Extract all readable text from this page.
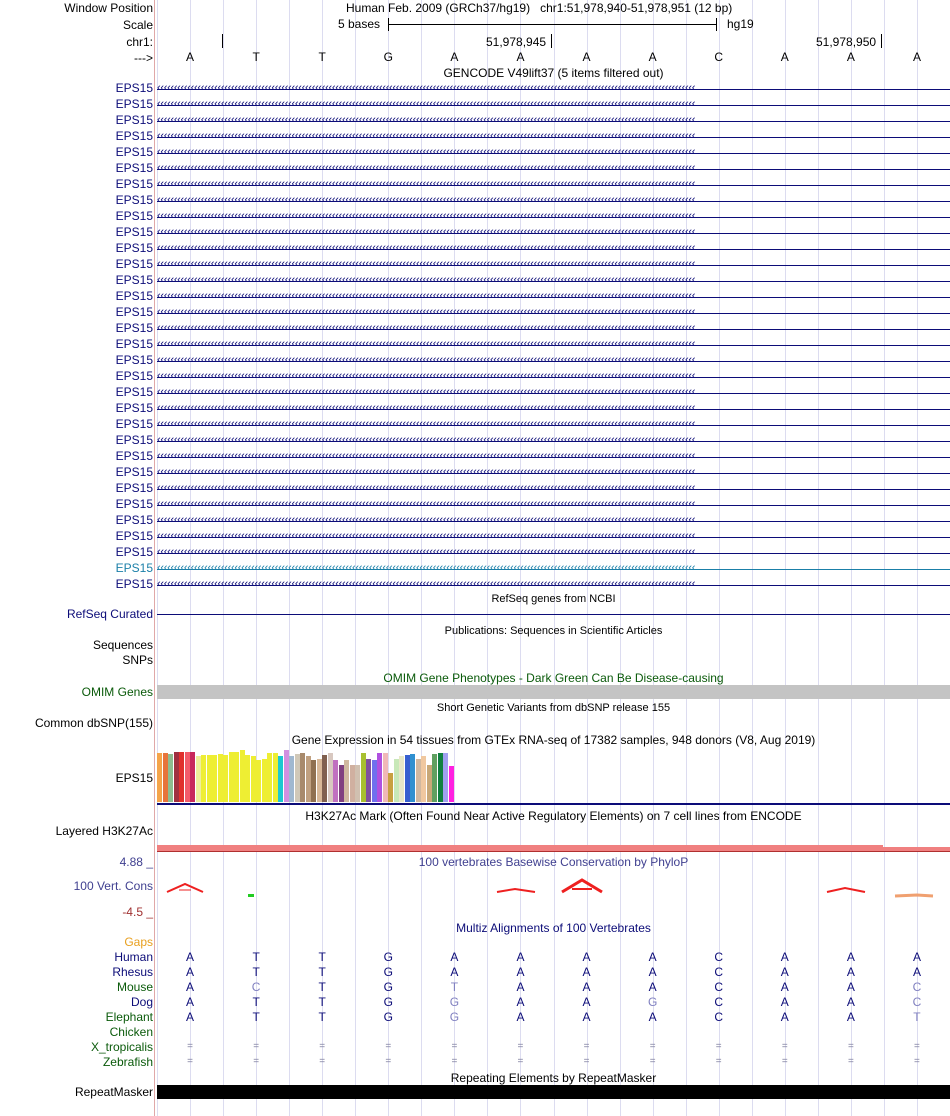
Window Position
Scale
chr1:
--->
Human Feb. 2009 (GRCh37/hg19) chr1:51,978,940-51,978,951 (12 bp)
5 bases	hg19
51,978,945	51,978,950
A	T	T	G	A	A	A	A	C	A	A	A
GENCODE V49lift37 (5 items filtered out)
EPS15 ‹‹‹‹‹‹‹‹‹‹‹‹‹‹‹‹‹‹‹‹‹‹‹‹‹‹‹‹‹‹‹‹‹‹‹‹‹‹‹‹‹‹‹‹‹‹‹‹‹‹‹‹‹‹‹‹‹‹‹‹‹‹‹‹‹‹‹‹‹‹‹‹‹‹‹‹‹‹‹‹‹‹‹‹‹‹‹‹‹‹‹‹‹‹‹‹‹‹‹‹‹‹‹‹‹‹‹‹‹‹‹‹‹‹‹‹‹‹‹‹‹‹‹‹‹‹‹‹‹‹‹‹‹‹‹‹‹‹‹‹‹‹‹‹‹‹‹‹‹‹‹‹‹‹‹‹‹‹‹‹
EPS15 ‹‹‹‹‹‹‹‹‹‹‹‹‹‹‹‹‹‹‹‹‹‹‹‹‹‹‹‹‹‹‹‹‹‹‹‹‹‹‹‹‹‹‹‹‹‹‹‹‹‹‹‹‹‹‹‹‹‹‹‹‹‹‹‹‹‹‹‹‹‹‹‹‹‹‹‹‹‹‹‹‹‹‹‹‹‹‹‹‹‹‹‹‹‹‹‹‹‹‹‹‹‹‹‹‹‹‹‹‹‹‹‹‹‹‹‹‹‹‹‹‹‹‹‹‹‹‹‹‹‹‹‹‹‹‹‹‹‹‹‹‹‹‹‹‹‹‹‹‹‹‹‹‹‹‹‹‹‹‹‹
EPS15 ‹‹‹‹‹‹‹‹‹‹‹‹‹‹‹‹‹‹‹‹‹‹‹‹‹‹‹‹‹‹‹‹‹‹‹‹‹‹‹‹‹‹‹‹‹‹‹‹‹‹‹‹‹‹‹‹‹‹‹‹‹‹‹‹‹‹‹‹‹‹‹‹‹‹‹‹‹‹‹‹‹‹‹‹‹‹‹‹‹‹‹‹‹‹‹‹‹‹‹‹‹‹‹‹‹‹‹‹‹‹‹‹‹‹‹‹‹‹‹‹‹‹‹‹‹‹‹‹‹‹‹‹‹‹‹‹‹‹‹‹‹‹‹‹‹‹‹‹‹‹‹‹‹‹‹‹‹‹‹‹
EPS15 ‹‹‹‹‹‹‹‹‹‹‹‹‹‹‹‹‹‹‹‹‹‹‹‹‹‹‹‹‹‹‹‹‹‹‹‹‹‹‹‹‹‹‹‹‹‹‹‹‹‹‹‹‹‹‹‹‹‹‹‹‹‹‹‹‹‹‹‹‹‹‹‹‹‹‹‹‹‹‹‹‹‹‹‹‹‹‹‹‹‹‹‹‹‹‹‹‹‹‹‹‹‹‹‹‹‹‹‹‹‹‹‹‹‹‹‹‹‹‹‹‹‹‹‹‹‹‹‹‹‹‹‹‹‹‹‹‹‹‹‹‹‹‹‹‹‹‹‹‹‹‹‹‹‹‹‹‹‹‹‹
EPS15 ‹‹‹‹‹‹‹‹‹‹‹‹‹‹‹‹‹‹‹‹‹‹‹‹‹‹‹‹‹‹‹‹‹‹‹‹‹‹‹‹‹‹‹‹‹‹‹‹‹‹‹‹‹‹‹‹‹‹‹‹‹‹‹‹‹‹‹‹‹‹‹‹‹‹‹‹‹‹‹‹‹‹‹‹‹‹‹‹‹‹‹‹‹‹‹‹‹‹‹‹‹‹‹‹‹‹‹‹‹‹‹‹‹‹‹‹‹‹‹‹‹‹‹‹‹‹‹‹‹‹‹‹‹‹‹‹‹‹‹‹‹‹‹‹‹‹‹‹‹‹‹‹‹‹‹‹‹‹‹‹
EPS15 ‹‹‹‹‹‹‹‹‹‹‹‹‹‹‹‹‹‹‹‹‹‹‹‹‹‹‹‹‹‹‹‹‹‹‹‹‹‹‹‹‹‹‹‹‹‹‹‹‹‹‹‹‹‹‹‹‹‹‹‹‹‹‹‹‹‹‹‹‹‹‹‹‹‹‹‹‹‹‹‹‹‹‹‹‹‹‹‹‹‹‹‹‹‹‹‹‹‹‹‹‹‹‹‹‹‹‹‹‹‹‹‹‹‹‹‹‹‹‹‹‹‹‹‹‹‹‹‹‹‹‹‹‹‹‹‹‹‹‹‹‹‹‹‹‹‹‹‹‹‹‹‹‹‹‹‹‹‹‹‹
EPS15 ‹‹‹‹‹‹‹‹‹‹‹‹‹‹‹‹‹‹‹‹‹‹‹‹‹‹‹‹‹‹‹‹‹‹‹‹‹‹‹‹‹‹‹‹‹‹‹‹‹‹‹‹‹‹‹‹‹‹‹‹‹‹‹‹‹‹‹‹‹‹‹‹‹‹‹‹‹‹‹‹‹‹‹‹‹‹‹‹‹‹‹‹‹‹‹‹‹‹‹‹‹‹‹‹‹‹‹‹‹‹‹‹‹‹‹‹‹‹‹‹‹‹‹‹‹‹‹‹‹‹‹‹‹‹‹‹‹‹‹‹‹‹‹‹‹‹‹‹‹‹‹‹‹‹‹‹‹‹‹‹
EPS15 ‹‹‹‹‹‹‹‹‹‹‹‹‹‹‹‹‹‹‹‹‹‹‹‹‹‹‹‹‹‹‹‹‹‹‹‹‹‹‹‹‹‹‹‹‹‹‹‹‹‹‹‹‹‹‹‹‹‹‹‹‹‹‹‹‹‹‹‹‹‹‹‹‹‹‹‹‹‹‹‹‹‹‹‹‹‹‹‹‹‹‹‹‹‹‹‹‹‹‹‹‹‹‹‹‹‹‹‹‹‹‹‹‹‹‹‹‹‹‹‹‹‹‹‹‹‹‹‹‹‹‹‹‹‹‹‹‹‹‹‹‹‹‹‹‹‹‹‹‹‹‹‹‹‹‹‹‹‹‹‹
EPS15 ‹‹‹‹‹‹‹‹‹‹‹‹‹‹‹‹‹‹‹‹‹‹‹‹‹‹‹‹‹‹‹‹‹‹‹‹‹‹‹‹‹‹‹‹‹‹‹‹‹‹‹‹‹‹‹‹‹‹‹‹‹‹‹‹‹‹‹‹‹‹‹‹‹‹‹‹‹‹‹‹‹‹‹‹‹‹‹‹‹‹‹‹‹‹‹‹‹‹‹‹‹‹‹‹‹‹‹‹‹‹‹‹‹‹‹‹‹‹‹‹‹‹‹‹‹‹‹‹‹‹‹‹‹‹‹‹‹‹‹‹‹‹‹‹‹‹‹‹‹‹‹‹‹‹‹‹‹‹‹‹
EPS15 ‹‹‹‹‹‹‹‹‹‹‹‹‹‹‹‹‹‹‹‹‹‹‹‹‹‹‹‹‹‹‹‹‹‹‹‹‹‹‹‹‹‹‹‹‹‹‹‹‹‹‹‹‹‹‹‹‹‹‹‹‹‹‹‹‹‹‹‹‹‹‹‹‹‹‹‹‹‹‹‹‹‹‹‹‹‹‹‹‹‹‹‹‹‹‹‹‹‹‹‹‹‹‹‹‹‹‹‹‹‹‹‹‹‹‹‹‹‹‹‹‹‹‹‹‹‹‹‹‹‹‹‹‹‹‹‹‹‹‹‹‹‹‹‹‹‹‹‹‹‹‹‹‹‹‹‹‹‹‹‹
EPS15 ‹‹‹‹‹‹‹‹‹‹‹‹‹‹‹‹‹‹‹‹‹‹‹‹‹‹‹‹‹‹‹‹‹‹‹‹‹‹‹‹‹‹‹‹‹‹‹‹‹‹‹‹‹‹‹‹‹‹‹‹‹‹‹‹‹‹‹‹‹‹‹‹‹‹‹‹‹‹‹‹‹‹‹‹‹‹‹‹‹‹‹‹‹‹‹‹‹‹‹‹‹‹‹‹‹‹‹‹‹‹‹‹‹‹‹‹‹‹‹‹‹‹‹‹‹‹‹‹‹‹‹‹‹‹‹‹‹‹‹‹‹‹‹‹‹‹‹‹‹‹‹‹‹‹‹‹‹‹‹‹
EPS15 ‹‹‹‹‹‹‹‹‹‹‹‹‹‹‹‹‹‹‹‹‹‹‹‹‹‹‹‹‹‹‹‹‹‹‹‹‹‹‹‹‹‹‹‹‹‹‹‹‹‹‹‹‹‹‹‹‹‹‹‹‹‹‹‹‹‹‹‹‹‹‹‹‹‹‹‹‹‹‹‹‹‹‹‹‹‹‹‹‹‹‹‹‹‹‹‹‹‹‹‹‹‹‹‹‹‹‹‹‹‹‹‹‹‹‹‹‹‹‹‹‹‹‹‹‹‹‹‹‹‹‹‹‹‹‹‹‹‹‹‹‹‹‹‹‹‹‹‹‹‹‹‹‹‹‹‹‹‹‹‹
EPS15 ‹‹‹‹‹‹‹‹‹‹‹‹‹‹‹‹‹‹‹‹‹‹‹‹‹‹‹‹‹‹‹‹‹‹‹‹‹‹‹‹‹‹‹‹‹‹‹‹‹‹‹‹‹‹‹‹‹‹‹‹‹‹‹‹‹‹‹‹‹‹‹‹‹‹‹‹‹‹‹‹‹‹‹‹‹‹‹‹‹‹‹‹‹‹‹‹‹‹‹‹‹‹‹‹‹‹‹‹‹‹‹‹‹‹‹‹‹‹‹‹‹‹‹‹‹‹‹‹‹‹‹‹‹‹‹‹‹‹‹‹‹‹‹‹‹‹‹‹‹‹‹‹‹‹‹‹‹‹‹‹
EPS15 ‹‹‹‹‹‹‹‹‹‹‹‹‹‹‹‹‹‹‹‹‹‹‹‹‹‹‹‹‹‹‹‹‹‹‹‹‹‹‹‹‹‹‹‹‹‹‹‹‹‹‹‹‹‹‹‹‹‹‹‹‹‹‹‹‹‹‹‹‹‹‹‹‹‹‹‹‹‹‹‹‹‹‹‹‹‹‹‹‹‹‹‹‹‹‹‹‹‹‹‹‹‹‹‹‹‹‹‹‹‹‹‹‹‹‹‹‹‹‹‹‹‹‹‹‹‹‹‹‹‹‹‹‹‹‹‹‹‹‹‹‹‹‹‹‹‹‹‹‹‹‹‹‹‹‹‹‹‹‹‹
EPS15 ‹‹‹‹‹‹‹‹‹‹‹‹‹‹‹‹‹‹‹‹‹‹‹‹‹‹‹‹‹‹‹‹‹‹‹‹‹‹‹‹‹‹‹‹‹‹‹‹‹‹‹‹‹‹‹‹‹‹‹‹‹‹‹‹‹‹‹‹‹‹‹‹‹‹‹‹‹‹‹‹‹‹‹‹‹‹‹‹‹‹‹‹‹‹‹‹‹‹‹‹‹‹‹‹‹‹‹‹‹‹‹‹‹‹‹‹‹‹‹‹‹‹‹‹‹‹‹‹‹‹‹‹‹‹‹‹‹‹‹‹‹‹‹‹‹‹‹‹‹‹‹‹‹‹‹‹‹‹‹‹
EPS15 ‹‹‹‹‹‹‹‹‹‹‹‹‹‹‹‹‹‹‹‹‹‹‹‹‹‹‹‹‹‹‹‹‹‹‹‹‹‹‹‹‹‹‹‹‹‹‹‹‹‹‹‹‹‹‹‹‹‹‹‹‹‹‹‹‹‹‹‹‹‹‹‹‹‹‹‹‹‹‹‹‹‹‹‹‹‹‹‹‹‹‹‹‹‹‹‹‹‹‹‹‹‹‹‹‹‹‹‹‹‹‹‹‹‹‹‹‹‹‹‹‹‹‹‹‹‹‹‹‹‹‹‹‹‹‹‹‹‹‹‹‹‹‹‹‹‹‹‹‹‹‹‹‹‹‹‹‹‹‹‹
EPS15 ‹‹‹‹‹‹‹‹‹‹‹‹‹‹‹‹‹‹‹‹‹‹‹‹‹‹‹‹‹‹‹‹‹‹‹‹‹‹‹‹‹‹‹‹‹‹‹‹‹‹‹‹‹‹‹‹‹‹‹‹‹‹‹‹‹‹‹‹‹‹‹‹‹‹‹‹‹‹‹‹‹‹‹‹‹‹‹‹‹‹‹‹‹‹‹‹‹‹‹‹‹‹‹‹‹‹‹‹‹‹‹‹‹‹‹‹‹‹‹‹‹‹‹‹‹‹‹‹‹‹‹‹‹‹‹‹‹‹‹‹‹‹‹‹‹‹‹‹‹‹‹‹‹‹‹‹‹‹‹‹
EPS15 ‹‹‹‹‹‹‹‹‹‹‹‹‹‹‹‹‹‹‹‹‹‹‹‹‹‹‹‹‹‹‹‹‹‹‹‹‹‹‹‹‹‹‹‹‹‹‹‹‹‹‹‹‹‹‹‹‹‹‹‹‹‹‹‹‹‹‹‹‹‹‹‹‹‹‹‹‹‹‹‹‹‹‹‹‹‹‹‹‹‹‹‹‹‹‹‹‹‹‹‹‹‹‹‹‹‹‹‹‹‹‹‹‹‹‹‹‹‹‹‹‹‹‹‹‹‹‹‹‹‹‹‹‹‹‹‹‹‹‹‹‹‹‹‹‹‹‹‹‹‹‹‹‹‹‹‹‹‹‹‹
EPS15 ‹‹‹‹‹‹‹‹‹‹‹‹‹‹‹‹‹‹‹‹‹‹‹‹‹‹‹‹‹‹‹‹‹‹‹‹‹‹‹‹‹‹‹‹‹‹‹‹‹‹‹‹‹‹‹‹‹‹‹‹‹‹‹‹‹‹‹‹‹‹‹‹‹‹‹‹‹‹‹‹‹‹‹‹‹‹‹‹‹‹‹‹‹‹‹‹‹‹‹‹‹‹‹‹‹‹‹‹‹‹‹‹‹‹‹‹‹‹‹‹‹‹‹‹‹‹‹‹‹‹‹‹‹‹‹‹‹‹‹‹‹‹‹‹‹‹‹‹‹‹‹‹‹‹‹‹‹‹‹‹
EPS15 ‹‹‹‹‹‹‹‹‹‹‹‹‹‹‹‹‹‹‹‹‹‹‹‹‹‹‹‹‹‹‹‹‹‹‹‹‹‹‹‹‹‹‹‹‹‹‹‹‹‹‹‹‹‹‹‹‹‹‹‹‹‹‹‹‹‹‹‹‹‹‹‹‹‹‹‹‹‹‹‹‹‹‹‹‹‹‹‹‹‹‹‹‹‹‹‹‹‹‹‹‹‹‹‹‹‹‹‹‹‹‹‹‹‹‹‹‹‹‹‹‹‹‹‹‹‹‹‹‹‹‹‹‹‹‹‹‹‹‹‹‹‹‹‹‹‹‹‹‹‹‹‹‹‹‹‹‹‹‹‹
EPS15 ‹‹‹‹‹‹‹‹‹‹‹‹‹‹‹‹‹‹‹‹‹‹‹‹‹‹‹‹‹‹‹‹‹‹‹‹‹‹‹‹‹‹‹‹‹‹‹‹‹‹‹‹‹‹‹‹‹‹‹‹‹‹‹‹‹‹‹‹‹‹‹‹‹‹‹‹‹‹‹‹‹‹‹‹‹‹‹‹‹‹‹‹‹‹‹‹‹‹‹‹‹‹‹‹‹‹‹‹‹‹‹‹‹‹‹‹‹‹‹‹‹‹‹‹‹‹‹‹‹‹‹‹‹‹‹‹‹‹‹‹‹‹‹‹‹‹‹‹‹‹‹‹‹‹‹‹‹‹‹‹
EPS15 ‹‹‹‹‹‹‹‹‹‹‹‹‹‹‹‹‹‹‹‹‹‹‹‹‹‹‹‹‹‹‹‹‹‹‹‹‹‹‹‹‹‹‹‹‹‹‹‹‹‹‹‹‹‹‹‹‹‹‹‹‹‹‹‹‹‹‹‹‹‹‹‹‹‹‹‹‹‹‹‹‹‹‹‹‹‹‹‹‹‹‹‹‹‹‹‹‹‹‹‹‹‹‹‹‹‹‹‹‹‹‹‹‹‹‹‹‹‹‹‹‹‹‹‹‹‹‹‹‹‹‹‹‹‹‹‹‹‹‹‹‹‹‹‹‹‹‹‹‹‹‹‹‹‹‹‹‹‹‹‹
EPS15 ‹‹‹‹‹‹‹‹‹‹‹‹‹‹‹‹‹‹‹‹‹‹‹‹‹‹‹‹‹‹‹‹‹‹‹‹‹‹‹‹‹‹‹‹‹‹‹‹‹‹‹‹‹‹‹‹‹‹‹‹‹‹‹‹‹‹‹‹‹‹‹‹‹‹‹‹‹‹‹‹‹‹‹‹‹‹‹‹‹‹‹‹‹‹‹‹‹‹‹‹‹‹‹‹‹‹‹‹‹‹‹‹‹‹‹‹‹‹‹‹‹‹‹‹‹‹‹‹‹‹‹‹‹‹‹‹‹‹‹‹‹‹‹‹‹‹‹‹‹‹‹‹‹‹‹‹‹‹‹‹
EPS15 ‹‹‹‹‹‹‹‹‹‹‹‹‹‹‹‹‹‹‹‹‹‹‹‹‹‹‹‹‹‹‹‹‹‹‹‹‹‹‹‹‹‹‹‹‹‹‹‹‹‹‹‹‹‹‹‹‹‹‹‹‹‹‹‹‹‹‹‹‹‹‹‹‹‹‹‹‹‹‹‹‹‹‹‹‹‹‹‹‹‹‹‹‹‹‹‹‹‹‹‹‹‹‹‹‹‹‹‹‹‹‹‹‹‹‹‹‹‹‹‹‹‹‹‹‹‹‹‹‹‹‹‹‹‹‹‹‹‹‹‹‹‹‹‹‹‹‹‹‹‹‹‹‹‹‹‹‹‹‹‹
EPS15 ‹‹‹‹‹‹‹‹‹‹‹‹‹‹‹‹‹‹‹‹‹‹‹‹‹‹‹‹‹‹‹‹‹‹‹‹‹‹‹‹‹‹‹‹‹‹‹‹‹‹‹‹‹‹‹‹‹‹‹‹‹‹‹‹‹‹‹‹‹‹‹‹‹‹‹‹‹‹‹‹‹‹‹‹‹‹‹‹‹‹‹‹‹‹‹‹‹‹‹‹‹‹‹‹‹‹‹‹‹‹‹‹‹‹‹‹‹‹‹‹‹‹‹‹‹‹‹‹‹‹‹‹‹‹‹‹‹‹‹‹‹‹‹‹‹‹‹‹‹‹‹‹‹‹‹‹‹‹‹‹
EPS15 ‹‹‹‹‹‹‹‹‹‹‹‹‹‹‹‹‹‹‹‹‹‹‹‹‹‹‹‹‹‹‹‹‹‹‹‹‹‹‹‹‹‹‹‹‹‹‹‹‹‹‹‹‹‹‹‹‹‹‹‹‹‹‹‹‹‹‹‹‹‹‹‹‹‹‹‹‹‹‹‹‹‹‹‹‹‹‹‹‹‹‹‹‹‹‹‹‹‹‹‹‹‹‹‹‹‹‹‹‹‹‹‹‹‹‹‹‹‹‹‹‹‹‹‹‹‹‹‹‹‹‹‹‹‹‹‹‹‹‹‹‹‹‹‹‹‹‹‹‹‹‹‹‹‹‹‹‹‹‹‹
EPS15 ‹‹‹‹‹‹‹‹‹‹‹‹‹‹‹‹‹‹‹‹‹‹‹‹‹‹‹‹‹‹‹‹‹‹‹‹‹‹‹‹‹‹‹‹‹‹‹‹‹‹‹‹‹‹‹‹‹‹‹‹‹‹‹‹‹‹‹‹‹‹‹‹‹‹‹‹‹‹‹‹‹‹‹‹‹‹‹‹‹‹‹‹‹‹‹‹‹‹‹‹‹‹‹‹‹‹‹‹‹‹‹‹‹‹‹‹‹‹‹‹‹‹‹‹‹‹‹‹‹‹‹‹‹‹‹‹‹‹‹‹‹‹‹‹‹‹‹‹‹‹‹‹‹‹‹‹‹‹‹‹
EPS15 ‹‹‹‹‹‹‹‹‹‹‹‹‹‹‹‹‹‹‹‹‹‹‹‹‹‹‹‹‹‹‹‹‹‹‹‹‹‹‹‹‹‹‹‹‹‹‹‹‹‹‹‹‹‹‹‹‹‹‹‹‹‹‹‹‹‹‹‹‹‹‹‹‹‹‹‹‹‹‹‹‹‹‹‹‹‹‹‹‹‹‹‹‹‹‹‹‹‹‹‹‹‹‹‹‹‹‹‹‹‹‹‹‹‹‹‹‹‹‹‹‹‹‹‹‹‹‹‹‹‹‹‹‹‹‹‹‹‹‹‹‹‹‹‹‹‹‹‹‹‹‹‹‹‹‹‹‹‹‹‹
EPS15 ‹‹‹‹‹‹‹‹‹‹‹‹‹‹‹‹‹‹‹‹‹‹‹‹‹‹‹‹‹‹‹‹‹‹‹‹‹‹‹‹‹‹‹‹‹‹‹‹‹‹‹‹‹‹‹‹‹‹‹‹‹‹‹‹‹‹‹‹‹‹‹‹‹‹‹‹‹‹‹‹‹‹‹‹‹‹‹‹‹‹‹‹‹‹‹‹‹‹‹‹‹‹‹‹‹‹‹‹‹‹‹‹‹‹‹‹‹‹‹‹‹‹‹‹‹‹‹‹‹‹‹‹‹‹‹‹‹‹‹‹‹‹‹‹‹‹‹‹‹‹‹‹‹‹‹‹‹‹‹‹
EPS15 ‹‹‹‹‹‹‹‹‹‹‹‹‹‹‹‹‹‹‹‹‹‹‹‹‹‹‹‹‹‹‹‹‹‹‹‹‹‹‹‹‹‹‹‹‹‹‹‹‹‹‹‹‹‹‹‹‹‹‹‹‹‹‹‹‹‹‹‹‹‹‹‹‹‹‹‹‹‹‹‹‹‹‹‹‹‹‹‹‹‹‹‹‹‹‹‹‹‹‹‹‹‹‹‹‹‹‹‹‹‹‹‹‹‹‹‹‹‹‹‹‹‹‹‹‹‹‹‹‹‹‹‹‹‹‹‹‹‹‹‹‹‹‹‹‹‹‹‹‹‹‹‹‹‹‹‹‹‹‹‹
EPS15 ‹‹‹‹‹‹‹‹‹‹‹‹‹‹‹‹‹‹‹‹‹‹‹‹‹‹‹‹‹‹‹‹‹‹‹‹‹‹‹‹‹‹‹‹‹‹‹‹‹‹‹‹‹‹‹‹‹‹‹‹‹‹‹‹‹‹‹‹‹‹‹‹‹‹‹‹‹‹‹‹‹‹‹‹‹‹‹‹‹‹‹‹‹‹‹‹‹‹‹‹‹‹‹‹‹‹‹‹‹‹‹‹‹‹‹‹‹‹‹‹‹‹‹‹‹‹‹‹‹‹‹‹‹‹‹‹‹‹‹‹‹‹‹‹‹‹‹‹‹‹‹‹‹‹‹‹‹‹‹‹
EPS15 ‹‹‹‹‹‹‹‹‹‹‹‹‹‹‹‹‹‹‹‹‹‹‹‹‹‹‹‹‹‹‹‹‹‹‹‹‹‹‹‹‹‹‹‹‹‹‹‹‹‹‹‹‹‹‹‹‹‹‹‹‹‹‹‹‹‹‹‹‹‹‹‹‹‹‹‹‹‹‹‹‹‹‹‹‹‹‹‹‹‹‹‹‹‹‹‹‹‹‹‹‹‹‹‹‹‹‹‹‹‹‹‹‹‹‹‹‹‹‹‹‹‹‹‹‹‹‹‹‹‹‹‹‹‹‹‹‹‹‹‹‹‹‹‹‹‹‹‹‹‹‹‹‹‹‹‹‹‹‹‹
RefSeq genes from NCBI
RefSeq Curated
Publications: Sequences in Scientific Articles
Sequences
SNPs
OMIM Gene Phenotypes - Dark Green Can Be Disease-causing
OMIM Genes
Short Genetic Variants from dbSNP release 155
Common dbSNP(155)
Gene Expression in 54 tissues from GTEx RNA-seq of 17382 samples, 948 donors (V8, Aug 2019)
EPS15
H3K27Ac Mark (Often Found Near Active Regulatory Elements) on 7 cell lines from ENCODE
Layered H3K27Ac
100 vertebrates Basewise Conservation by PhyloP
4.88 _
100 Vert. Cons
-4.5 _
Multiz Alignments of 100 Vertebrates
Gaps
Human	A	T	T	G	A	A	A	A	C	A	A	A
Rhesus	A	T	T	G	A	A	A	A	C	A	A	A
Mouse	A	C	T	G	T	A	A	A	C	A	A	C
Dog	A	T	T	G	G	A	A	G	C	A	A	C
Elephant	A	T	T	G	G	A	A	A	C	A	A	T
Chicken
X_tropicalis	=	=	=	=	=	=	=	=	=	=	=	=
Zebrafish	=	=	=	=	=	=	=	=	=	=	=	=
Repeating Elements by RepeatMasker
RepeatMasker
